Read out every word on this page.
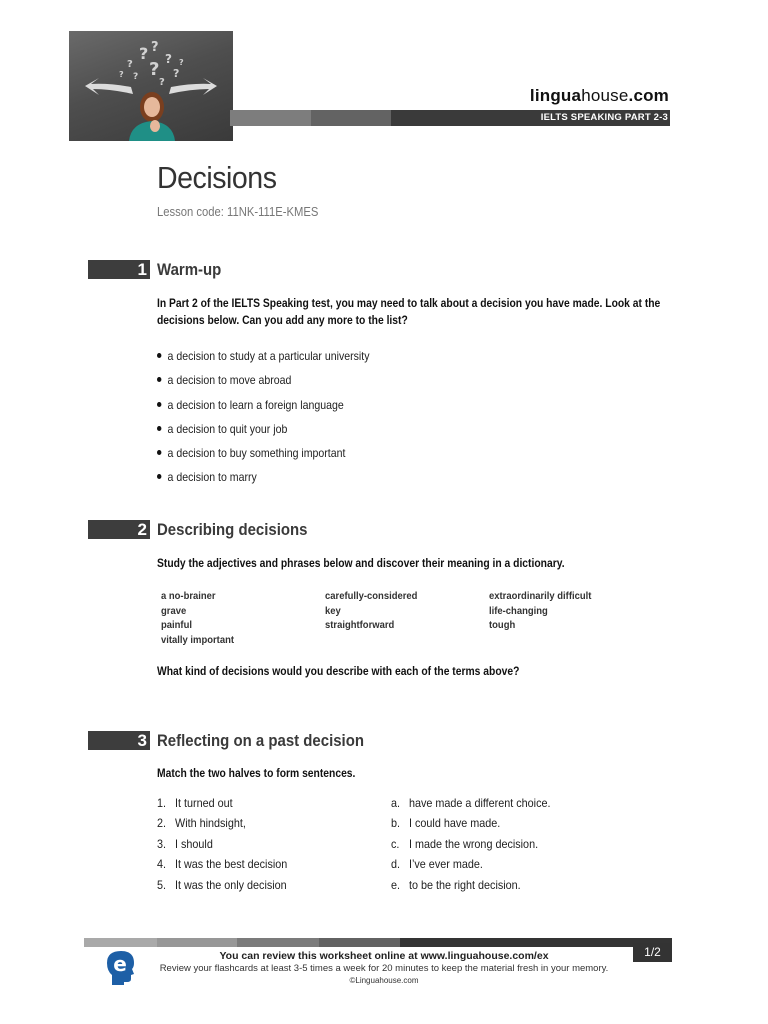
? ?
?	?
? ?
? ?
?
?
linguahouse.com
IELTS SPEAKING PART 2-3
Decisions
Lesson code: 11NK-111E-KMES
1 Warm-up
In Part 2 of the IELTS Speaking test, you may need to talk about a decision you have made. Look at the decisions below. Can you add any more to the list?
a decision to study at a particular university
a decision to move abroad
a decision to learn a foreign language
a decision to quit your job
a decision to buy something important
a decision to marry
2 Describing decisions
Study the adjectives and phrases below and discover their meaning in a dictionary.
a no-brainer
grave
painful
vitally important
carefully-considered
key
straightforward
extraordinarily difficult
life-changing
tough
What kind of decisions would you describe with each of the terms above?
3 Reflecting on a past decision
Match the two halves to form sentences.
1. It turned out
2. With hindsight,
3. I should
4. It was the best decision
5. It was the only decision
a. have made a different choice.
b. I could have made.
c. I made the wrong decision.
d. I’ve ever made.
e. to be the right decision.
1/2
e	You can review this worksheet online at www.linguahouse.com/ex
Review your flashcards at least 3-5 times a week for 20 minutes to keep the material fresh in your memory.
©Linguahouse.com
